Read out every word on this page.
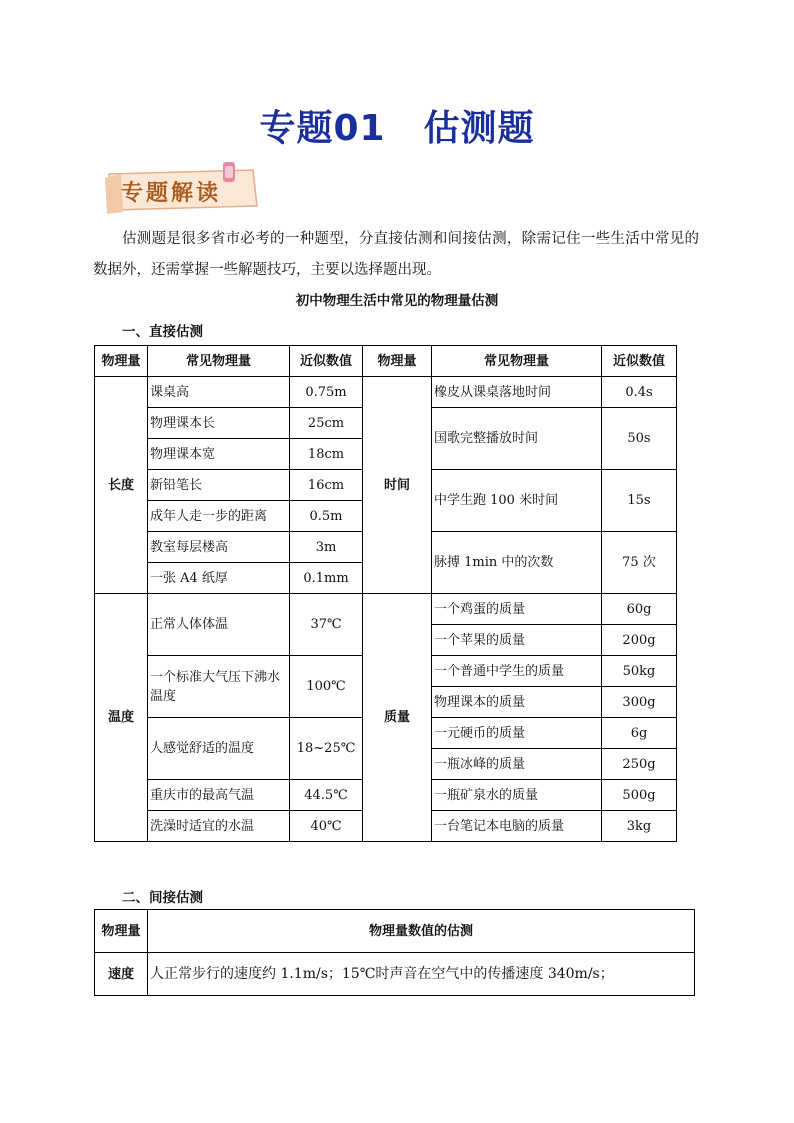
专题01 估测题
专题解读
估测题是很多省市必考的一种题型，分直接估测和间接估测，除需记住一些生活中常见的数据外，还需掌握一些解题技巧，主要以选择题出现。
初中物理生活中常见的物理量估测
一、直接估测
物理量	常见物理量	近似数值	物理量	常见物理量	近似数值
长度	课桌高	0.75m	时间	橡皮从课桌落地时间	0.4s
	物理课本长	25cm		国歌完整播放时间	50s
	物理课本宽	18cm			
	新铅笔长	16cm		中学生跑 100 米时间	15s
	成年人走一步的距离	0.5m			
	教室每层楼高	3m		脉搏 1min 中的次数	75 次
	一张 A4 纸厚	0.1mm			
温度	正常人体体温	37℃	质量	一个鸡蛋的质量	60g
				一个苹果的质量	200g
	一个标准大气压下沸水温度	100℃		一个普通中学生的质量	50kg
				物理课本的质量	300g
	人感觉舒适的温度	18~25℃		一元硬币的质量	6g
				一瓶冰峰的质量	250g
	重庆市的最高气温	44.5℃		一瓶矿泉水的质量	500g
	洗澡时适宜的水温	40℃		一台笔记本电脑的质量	3kg
二、间接估测
物理量	物理量数值的估测
速度	人正常步行的速度约 1.1m/s；15℃时声音在空气中的传播速度 340m/s；
